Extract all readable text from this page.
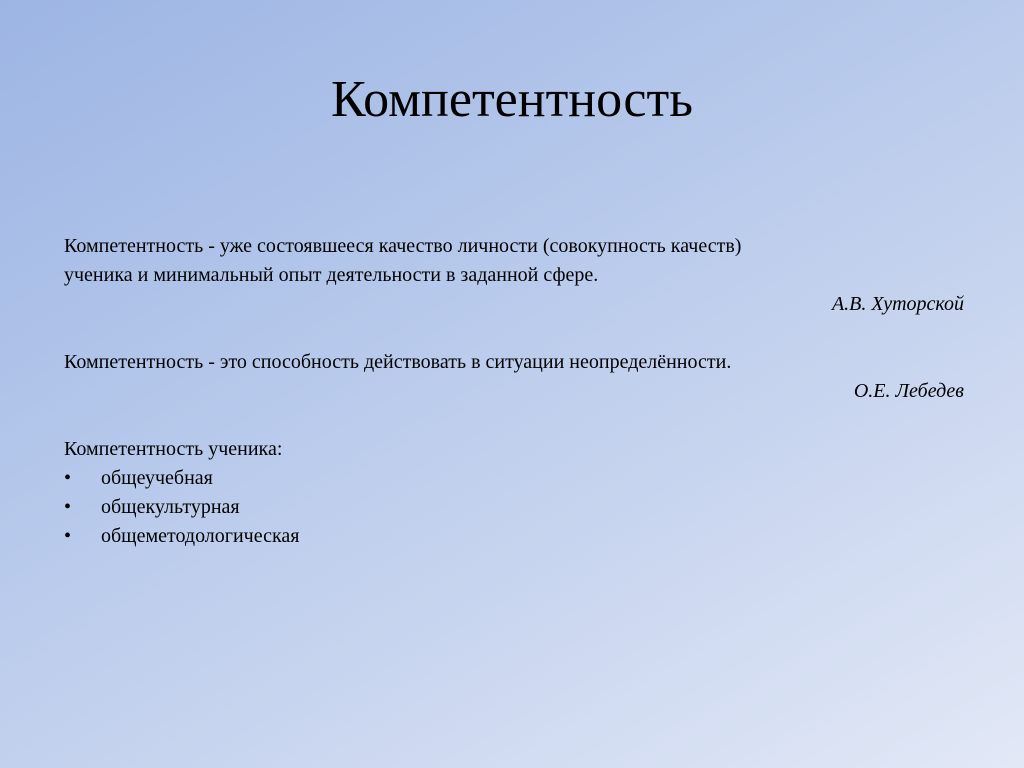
Компетентность

Компетентность - уже состоявшееся качество личности (совокупность качеств)

ученика и минимальный опыт деятельности в заданной сфере.

А.В. Хуторской

Компетентность - это способность действовать в ситуации неопределённости.

О.Е. Лебедев

Компетентность ученика:

• общеучебная
• общекультурная
• общеметодологическая
